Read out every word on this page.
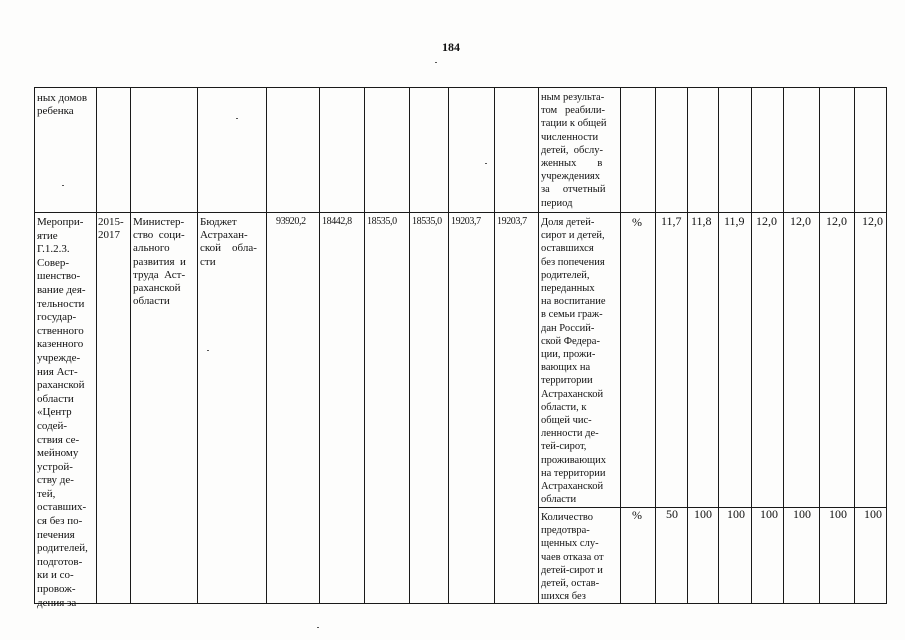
184
ных домов
ребенка
ным результа-
том   реабили-
тации к общей
численности
детей,  обслу-
женных        в
учреждениях
за     отчетный
период
Меропри-
ятие
Г.1.2.3.
Совер-
шенство-
вание дея-
тельности
государ-
ственного
казенного
учрежде-
ния Аст-
раханской
области
«Центр
содей-
ствия се-
мейному
устрой-
ству де-
тей,
оставших-
ся без по-
печения
родителей,
подготов-
ки и со-
провож-
дения за-
2015-
2017
Министер-
ство  соци-
ального
развития  и
труда  Аст-
раханской
области
Бюджет
Астрахан-
ской    обла-
сти
93920,2 18442,8 18535,0 18535,0 19203,7 19203,7 Доля детей-
сирот и детей,
оставшихся
без попечения
родителей,
переданных
на воспитание
в семьи граж-
дан Россий-
ской Федера-
ции, прожи-
вающих на
территории
Астраханской
области, к
общей чис-
ленности де-
тей-сирот,
проживающих
на территории
Астраханской
области
% 11,7 11,8 11,9 12,0 12,0 12,0 12,0
Количество
предотвра-
щенных слу-
чаев отказа от
детей-сирот и
детей, остав-
шихся без
% 50 100 100 100 100 100 100
